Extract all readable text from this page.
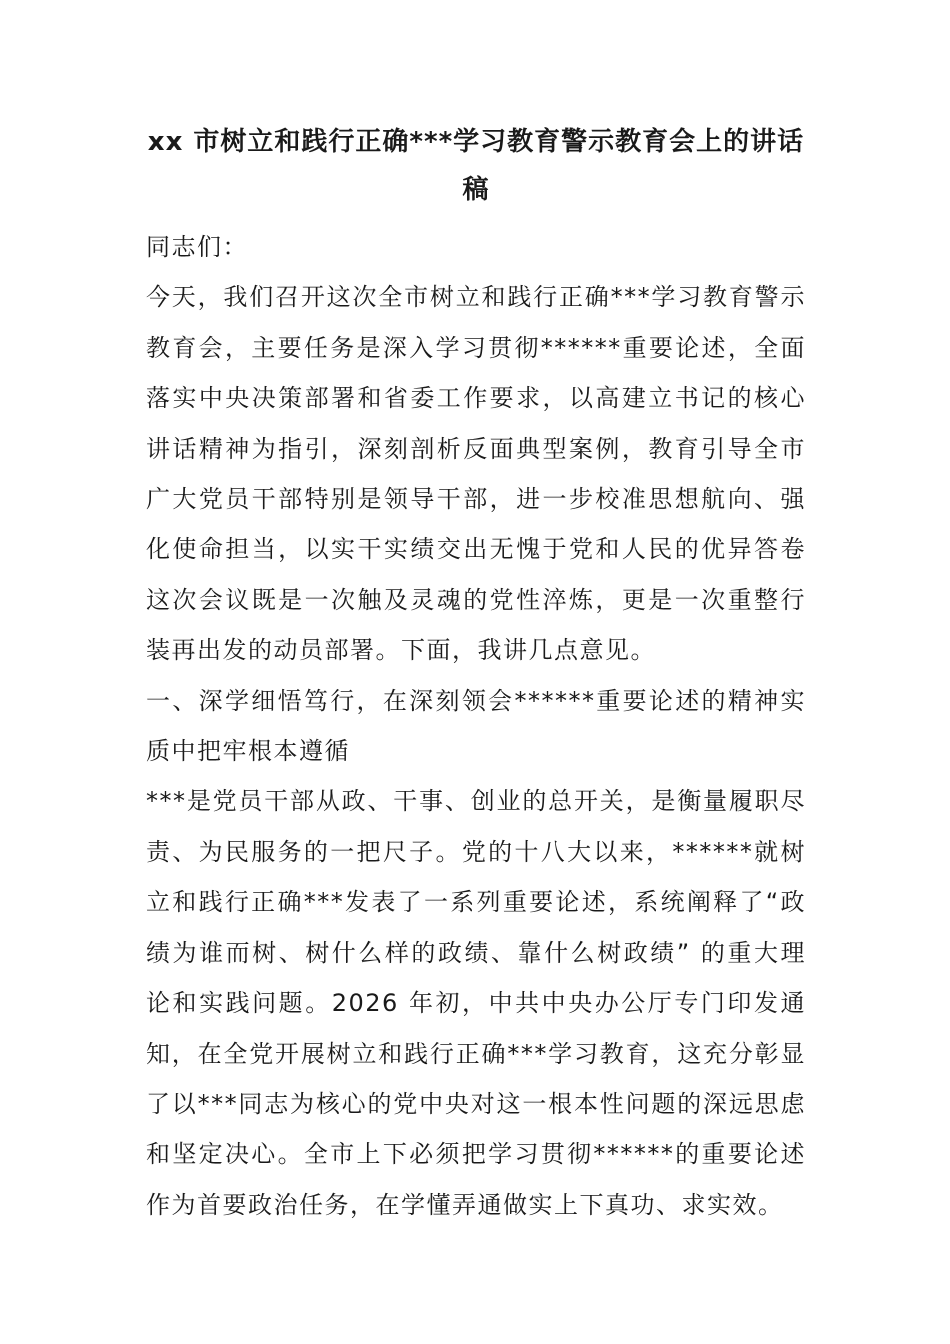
xx 市树立和践行正确***学习教育警示教育会上的讲话稿

同志们：

今天，我们召开这次全市树立和践行正确***学习教育警示教育会，主要任务是深入学习贯彻******重要论述，全面落实中央决策部署和省委工作要求，以高建立书记的核心讲话精神为指引，深刻剖析反面典型案例，教育引导全市广大党员干部特别是领导干部，进一步校准思想航向、强化使命担当，以实干实绩交出无愧于党和人民的优异答卷这次会议既是一次触及灵魂的党性淬炼，更是一次重整行装再出发的动员部署。下面，我讲几点意见。

一、深学细悟笃行，在深刻领会******重要论述的精神实质中把牢根本遵循

***是党员干部从政、干事、创业的总开关，是衡量履职尽责、为民服务的一把尺子。党的十八大以来，******就树立和践行正确***发表了一系列重要论述，系统阐释了“政绩为谁而树、树什么样的政绩、靠什么树政绩” 的重大理论和实践问题。2026 年初，中共中央办公厅专门印发通知，在全党开展树立和践行正确***学习教育，这充分彰显了以***同志为核心的党中央对这一根本性问题的深远思虑和坚定决心。全市上下必须把学习贯彻******的重要论述作为首要政治任务，在学懂弄通做实上下真功、求实效。
